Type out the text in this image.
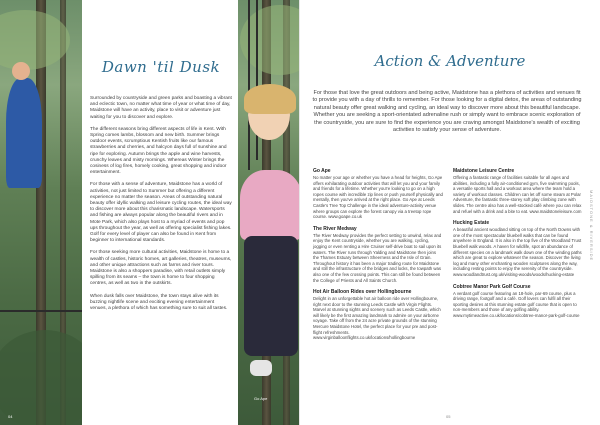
Go Ape
Dawn 'til Dusk

Surrounded by countryside and green parks and boasting a vibrant and eclectic town, no matter what time of year or what time of day, Maidstone will have an activity, place to visit or adventure just waiting for you to discover and explore.

The different seasons bring different aspects of life in Kent. With Spring comes lambs, blossom and new birth. Summer brings outdoor events, scrumptious Kentish fruits like our famous strawberries and cherries, and halcyon days full of sunshine and ripe for exploring. Autumn brings the apple and wine harvests, crunchy leaves and misty mornings. Whereas Winter brings the cosiness of log fires, homely cooking, great shopping and indoor entertainment.

For those with a sense of adventure, Maidstone has a world of activities, not just limited to Summer but offering a different experience no matter the season. Areas of outstanding natural beauty offer idyllic walking and leisure cycling routes, the ideal way to discover more about this charismatic landscape. Watersports and fishing are always popular along the beautiful rivers and in Mote Park, which also plays host to a myriad of events and pop ups throughout the year, as well as offering specialist fishing lakes. Golf for every level of player can also be found in Kent from beginner to international standards.

For those seeking more cultural activities, Maidstone is home to a wealth of castles, historic homes, art galleries, theatres, museums, and other unique attractions such as farms and river tours. Maidstone is also a shoppers paradise, with retail outlets simply spilling from its seams – the town is home to four shopping centres, as well as two in the outskirts.

When dusk falls over Maidstone, the town stays alive with its buzzing nightlife scene and exciting evening entertainment venues, a plethora of which has something sure to suit all tastes.

Action & Adventure
For those that love the great outdoors and being active, Maidstone has a plethora of activities and venues fit to provide you with a day of thrills to remember. For those looking for a digital detox, the areas of outstanding natural beauty offer great walking and cycling, an ideal way to discover more about this beautiful landscape. Whether you are seeking a sport-orientated adrenaline rush or simply want to embrace scenic exploration of the countryside, you are sure to find the experience you are craving amongst Maidstone's wealth of exciting activities to satisfy your sense of adventure.
Go Ape
No matter your age or whether you have a head for heights, Go Ape offers exhilarating outdoor activities that will let you and your family and friends for a lifetime. Whether you're looking to go on a high ropes course with incredible zip lines or push yourself physically and mentally, then you've arrived at the right place. Go Ape at Leeds Castle's Tree Top Challenge in the ideal adventure-activity venue where groups can explore the forest canopy via a treetop rope course. www.goape.co.uk
The River Medway
The River Medway provides the perfect setting to unwind, relax and enjoy the Kent countryside, whether you are walking, cycling, jogging or even renting a Hire Cruiser self-drive boat to sail upon its waters. The River runs through Yalding and Maidstone then joins the Thames Estuary between Sheerness and the Isle of Grain. Throughout history it has been a major trading route for Maidstone and still the infrastructure of the bridges and locks, the towpath was also one of the few crossing points. This can still be found between the College of Priests and All Saints Church.
Hot Air Balloon Rides over Hollingbourne
Delight in an unforgettable hot air balloon ride over Hollingbourne, right next door to the stunning Leeds Castle with Virgin Flights. Marvel at stunning sights and scenery such as Leeds Castle, which will likely be the first amazing landmark to admire on your airborne voyage. Take off from the 24 acre private grounds of the stunning Mercure Maidstone Hotel, the perfect place for your pre and post-flight refreshments. www.virginballoonflights.co.uk/locations/hollingbourne
Maidstone Leisure Centre
Offering a fantastic range of facilities suitable for all ages and abilities, including a fully air-conditioned gym, five swimming pools, a versatile sports hall and a workout area where the team hold a variety of workout classes. Children can let off some steam at Polar Adventure, the fantastic three-storey soft play climbing zone with slides. The centre also has a well-stocked café where you can relax and refuel with a drink and a bite to eat. www.maidstoneleisure.com
Hucking Estate
A beautiful ancient woodland sitting on top of the North Downs with one of the most spectacular bluebell walks that can be found anywhere in England. It is also in the top five of the Woodland Trust bluebell walk woods. A haven for wildlife, spot an abundance of different species on a landmark walk down one of the winding paths which are great to explore whatever the season. Discover the living log and many other enchanting wooden sculptures along the way, including resting points to enjoy the serenity of the countryside. www.woodlandtrust.org.uk/visiting-woods/woods/hucking-estate
Cobtree Manor Park Golf Course
A verdant golf course featuring an 18-hole, par-69 course, plus a driving range, footgolf and a café. Golf lovers can fulfil all their sporting desires at this stunning estate golf course that is open to non-members and those of any golfing ability. www.mytimeactive.co.uk/locations/cobtree-manor-park-golf-course
MAIDSTONE & RIVERSIDE
05
04
